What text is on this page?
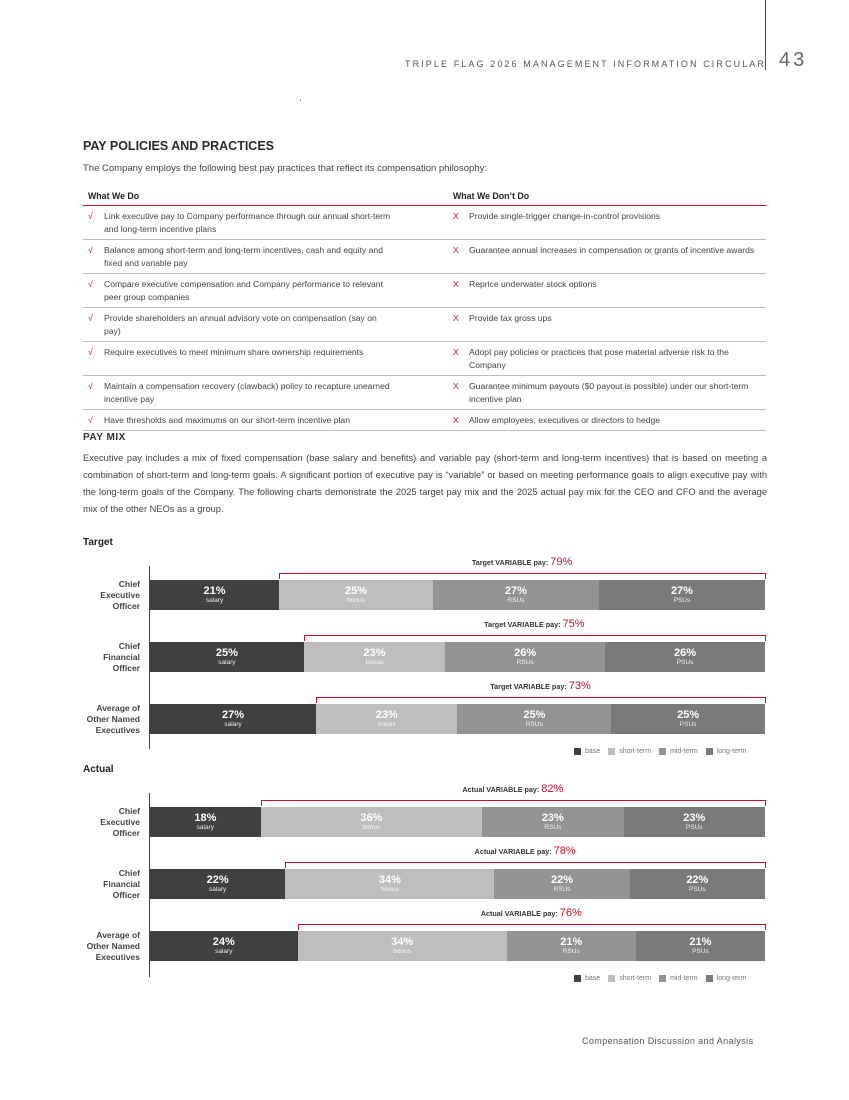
TRIPLE FLAG 2026 MANAGEMENT INFORMATION CIRCULAR 43
PAY POLICIES AND PRACTICES
The Company employs the following best pay practices that reflect its compensation philosophy:
What We Do	What We Don’t Do
√ Link executive pay to Company performance through our annual short-term and long-term incentive plans	X Provide single-trigger change-in-control provisions
√ Balance among short-term and long-term incentives, cash and equity and fixed and variable pay	X Guarantee annual increases in compensation or grants of incentive awards
√ Compare executive compensation and Company performance to relevant peer group companies	X Reprice underwater stock options
√ Provide shareholders an annual advisory vote on compensation (say on pay)	X Provide tax gross ups
√ Require executives to meet minimum share ownership requirements	X Adopt pay policies or practices that pose material adverse risk to the Company
√ Maintain a compensation recovery (clawback) policy to recapture unearned incentive pay	X Guarantee minimum payouts ($0 payout is possible) under our short-term incentive plan
√ Have thresholds and maximums on our short-term incentive plan	X Allow employees, executives or directors to hedge
PAY MIX
Executive pay includes a mix of fixed compensation (base salary and benefits) and variable pay (short-term and long-term incentives) that is based on meeting a combination of short-term and long-term goals. A significant portion of executive pay is “variable” or based on meeting performance goals to align executive pay with the long-term goals of the Company. The following charts demonstrate the 2025 target pay mix and the 2025 actual pay mix for the CEO and CFO and the average mix of the other NEOs as a group.
Target
Chief
Executive
Officer
21%
salary
25%
bonus
27%
RSUs
27%
PSUs
Target VARIABLE pay: 79%
Chief
Financial
Officer
25%
salary
23%
bonus
26%
RSUs
26%
PSUs
Target VARIABLE pay: 75%
Average of
Other Named
Executives
27%
salary
23%
bonus
25%
RSUs
25%
PSUs
Target VARIABLE pay: 73%
base	short-term	mid-term	long-term
Actual
Chief
Executive
Officer
18%
salary
36%
bonus
23%
RSUs
23%
PSUs
Actual VARIABLE pay: 82%
Chief
Financial
Officer
22%
salary
34%
bonus
22%
RSUs
22%
PSUs
Actual VARIABLE pay: 78%
Average of
Other Named
Executives
24%
salary
34%
bonus
21%
RSUs
21%
PSUs
Actual VARIABLE pay: 76%
base	short-term	mid-term	long-term
Compensation Discussion and Analysis
